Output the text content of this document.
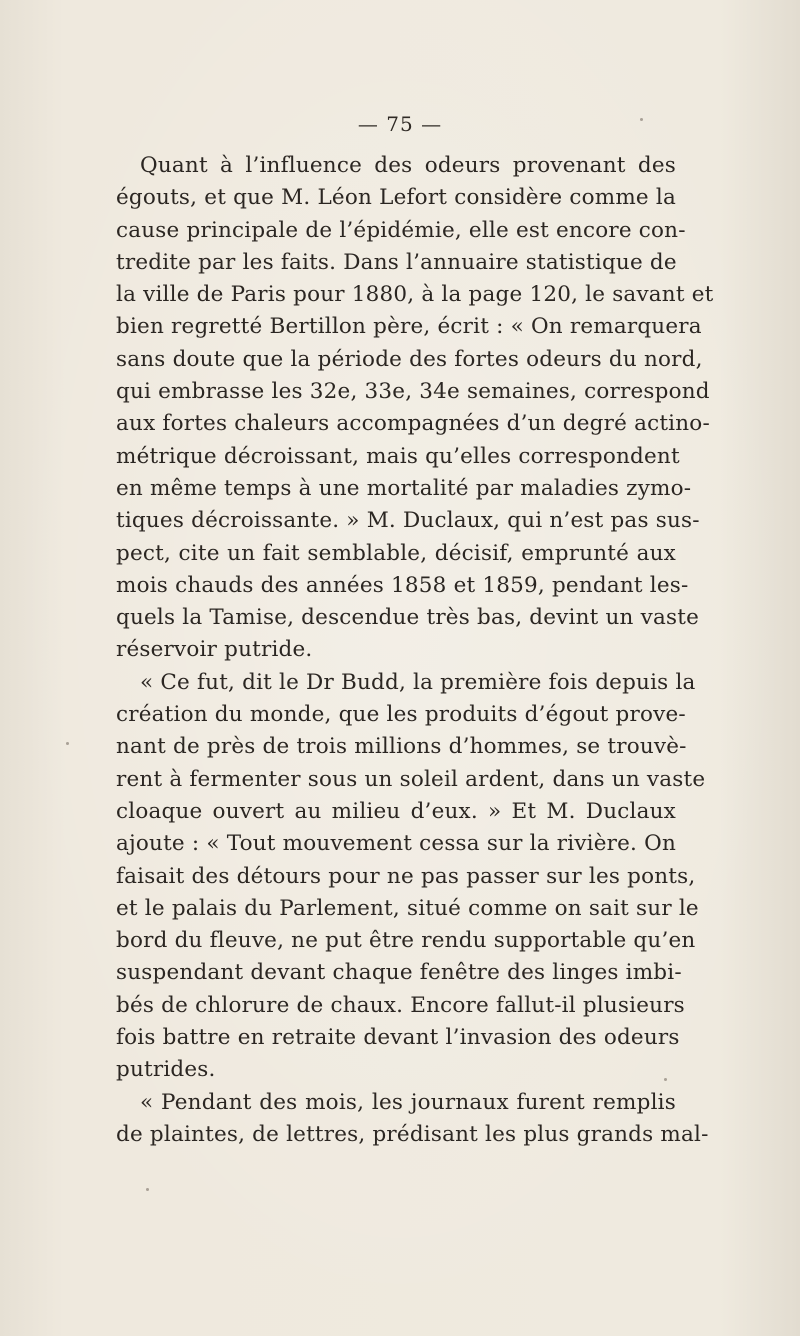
— 75 —
Quant à l’influence des odeurs provenant des
égouts, et que M. Léon Lefort considère comme la
cause principale de l’épidémie, elle est encore con-
tredite par les faits. Dans l’annuaire statistique de
la ville de Paris pour 1880, à la page 120, le savant et
bien regretté Bertillon père, écrit : « On remarquera
sans doute que la période des fortes odeurs du nord,
qui embrasse les 32e, 33e, 34e semaines, correspond
aux fortes chaleurs accompagnées d’un degré actino-
métrique décroissant, mais qu’elles correspondent
en même temps à une mortalité par maladies zymo-
tiques décroissante. » M. Duclaux, qui n’est pas sus-
pect, cite un fait semblable, décisif, emprunté aux
mois chauds des années 1858 et 1859, pendant les-
quels la Tamise, descendue très bas, devint un vaste
réservoir putride.
« Ce fut, dit le Dr Budd, la première fois depuis la
création du monde, que les produits d’égout prove-
nant de près de trois millions d’hommes, se trouvè-
rent à fermenter sous un soleil ardent, dans un vaste
cloaque ouvert au milieu d’eux. » Et M. Duclaux
ajoute : « Tout mouvement cessa sur la rivière. On
faisait des détours pour ne pas passer sur les ponts,
et le palais du Parlement, situé comme on sait sur le
bord du fleuve, ne put être rendu supportable qu’en
suspendant devant chaque fenêtre des linges imbi-
bés de chlorure de chaux. Encore fallut-il plusieurs
fois battre en retraite devant l’invasion des odeurs
putrides.
« Pendant des mois, les journaux furent remplis
de plaintes, de lettres, prédisant les plus grands mal-
